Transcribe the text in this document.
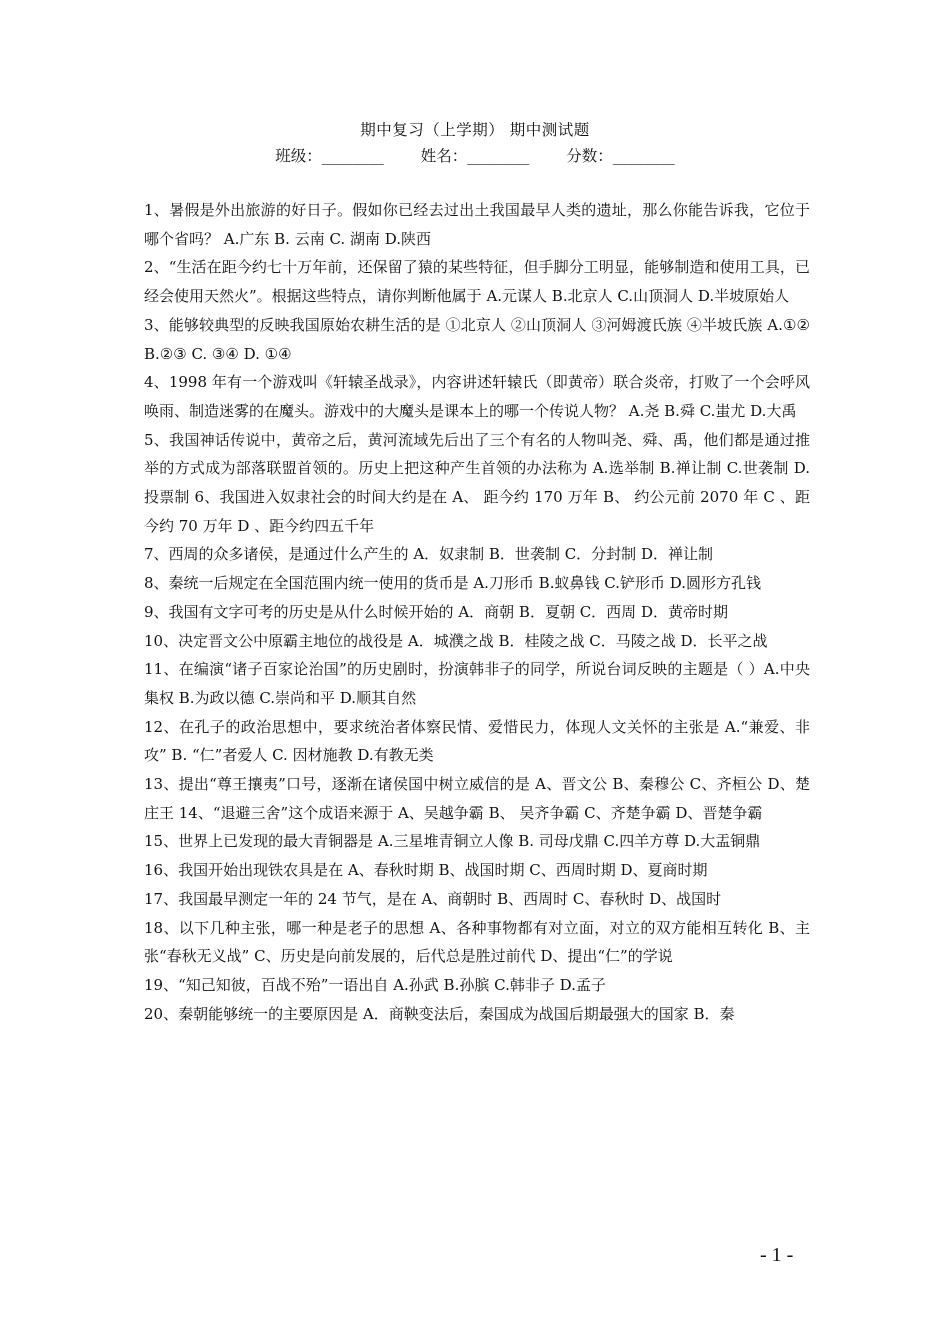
期中复习（上学期） 期中测试题
班级：________ 姓名：________ 分数：________

1、暑假是外出旅游的好日子。假如你已经去过出土我国最早人类的遗址，那么你能告诉我，它位于哪个省吗？ A.广东 B. 云南 C. 湖南 D.陕西

2、“生活在距今约七十万年前，还保留了猿的某些特征，但手脚分工明显，能够制造和使用工具，已经会使用天然火”。根据这些特点，请你判断他属于 A.元谋人 B.北京人 C.山顶洞人 D.半坡原始人

3、能够较典型的反映我国原始农耕生活的是 ①北京人 ②山顶洞人 ③河姆渡氏族 ④半坡氏族 A.①② B.②③ C. ③④ D. ①④

4、1998 年有一个游戏叫《轩辕圣战录》，内容讲述轩辕氏（即黄帝）联合炎帝，打败了一个会呼风唤雨、制造迷雾的在魔头。游戏中的大魔头是课本上的哪一个传说人物？ A.尧 B.舜 C.蚩尤 D.大禹

5、我国神话传说中，黄帝之后，黄河流域先后出了三个有名的人物叫尧、舜、禹，他们都是通过推举的方式成为部落联盟首领的。历史上把这种产生首领的办法称为 A.选举制 B.禅让制 C.世袭制 D. 投票制 6、我国进入奴隶社会的时间大约是在 A、 距今约 170 万年 B、 约公元前 2070 年 C 、距今约 70 万年 D 、距今约四五千年

7、西周的众多诸侯，是通过什么产生的 A．奴隶制 B．世袭制 C．分封制 D．禅让制

8、秦统一后规定在全国范围内统一使用的货币是 A.刀形币 B.蚁鼻钱 C.铲形币 D.圆形方孔钱

9、我国有文字可考的历史是从什么时候开始的 A．商朝 B．夏朝 C．西周 D．黄帝时期

10、决定晋文公中原霸主地位的战役是 A．城濮之战 B．桂陵之战 C．马陵之战 D．长平之战

11、在编演“诸子百家论治国”的历史剧时，扮演韩非子的同学，所说台词反映的主题是（ ）A.中央集权 B.为政以德 C.崇尚和平 D.顺其自然

12、在孔子的政治思想中，要求统治者体察民情、爱惜民力，体现人文关怀的主张是 A.“兼爱、非攻” B. “仁”者爱人 C. 因材施教 D.有教无类

13、提出“尊王攘夷”口号，逐渐在诸侯国中树立威信的是 A、晋文公 B、秦穆公 C、齐桓公 D、楚庄王 14、“退避三舍”这个成语来源于 A、吴越争霸 B、 吴齐争霸 C、齐楚争霸 D、晋楚争霸

15、世界上已发现的最大青铜器是 A.三星堆青铜立人像 B. 司母戊鼎 C.四羊方尊 D.大盂铜鼎

16、我国开始出现铁农具是在 A、春秋时期 B、战国时期 C、西周时期 D、夏商时期

17、我国最早测定一年的 24 节气，是在 A、商朝时 B、西周时 C、春秋时 D、战国时

18、以下几种主张，哪一种是老子的思想 A、各种事物都有对立面，对立的双方能相互转化 B、主张“春秋无义战” C、历史是向前发展的，后代总是胜过前代 D、提出“仁”的学说

19、“知己知彼，百战不殆”一语出自 A.孙武 B.孙膑 C.韩非子 D.孟子

20、秦朝能够统一的主要原因是 A．商鞅变法后，秦国成为战国后期最强大的国家 B．秦

- 1 -
